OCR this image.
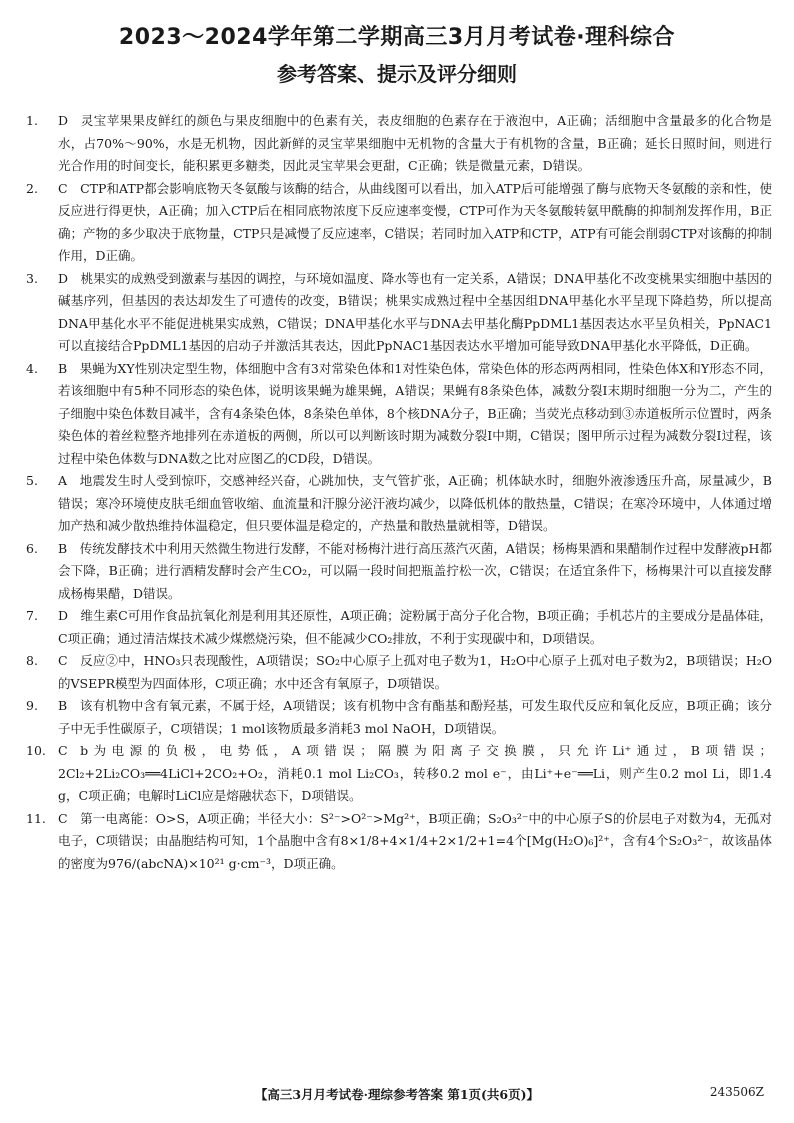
2023～2024学年第二学期高三3月月考试卷·理科综合
参考答案、提示及评分细则
1.	D  灵宝苹果果皮鲜红的颜色与果皮细胞中的色素有关，表皮细胞的色素存在于液泡中，A正确；活细胞中含量最多的化合物是水，占70%～90%，水是无机物，因此新鲜的灵宝苹果细胞中无机物的含量大于有机物的含量，B正确；延长日照时间，则进行光合作用的时间变长，能积累更多糖类，因此灵宝苹果会更甜，C正确；铁是微量元素，D错误。
2.	C  CTP和ATP都会影响底物天冬氨酸与该酶的结合，从曲线图可以看出，加入ATP后可能增强了酶与底物天冬氨酸的亲和性，使反应进行得更快，A正确；加入CTP后在相同底物浓度下反应速率变慢，CTP可作为天冬氨酸转氨甲酰酶的抑制剂发挥作用，B正确；产物的多少取决于底物量，CTP只是减慢了反应速率，C错误；若同时加入ATP和CTP，ATP有可能会削弱CTP对该酶的抑制作用，D正确。
3.	D  桃果实的成熟受到激素与基因的调控，与环境如温度、降水等也有一定关系，A错误；DNA甲基化不改变桃果实细胞中基因的碱基序列，但基因的表达却发生了可遗传的改变，B错误；桃果实成熟过程中全基因组DNA甲基化水平呈现下降趋势，所以提高DNA甲基化水平不能促进桃果实成熟，C错误；DNA甲基化水平与DNA去甲基化酶PpDML1基因表达水平呈负相关，PpNAC1可以直接结合PpDML1基因的启动子并激活其表达，因此PpNAC1基因表达水平增加可能导致DNA甲基化水平降低，D正确。
4.	B  果蝇为XY性别决定型生物，体细胞中含有3对常染色体和1对性染色体，常染色体的形态两两相同，性染色体X和Y形态不同，若该细胞中有5种不同形态的染色体，说明该果蝇为雄果蝇，A错误；果蝇有8条染色体，减数分裂Ⅰ末期时细胞一分为二，产生的子细胞中染色体数目减半，含有4条染色体，8条染色单体，8个核DNA分子，B正确；当荧光点移动到③赤道板所示位置时，两条染色体的着丝粒整齐地排列在赤道板的两侧，所以可以判断该时期为减数分裂Ⅰ中期，C错误；图甲所示过程为减数分裂Ⅰ过程，该过程中染色体数与DNA数之比对应图乙的CD段，D错误。
5.	A  地震发生时人受到惊吓，交感神经兴奋，心跳加快，支气管扩张，A正确；机体缺水时，细胞外液渗透压升高，尿量减少，B错误；寒冷环境使皮肤毛细血管收缩、血流量和汗腺分泌汗液均减少，以降低机体的散热量，C错误；在寒冷环境中，人体通过增加产热和减少散热维持体温稳定，但只要体温是稳定的，产热量和散热量就相等，D错误。
6.	B  传统发酵技术中利用天然微生物进行发酵，不能对杨梅汁进行高压蒸汽灭菌，A错误；杨梅果酒和果醋制作过程中发酵液pH都会下降，B正确；进行酒精发酵时会产生CO₂，可以隔一段时间把瓶盖拧松一次，C错误；在适宜条件下，杨梅果汁可以直接发酵成杨梅果醋，D错误。
7.	D  维生素C可用作食品抗氧化剂是利用其还原性，A项正确；淀粉属于高分子化合物，B项正确；手机芯片的主要成分是晶体硅，C项正确；通过清洁煤技术减少煤燃烧污染，但不能减少CO₂排放，不利于实现碳中和，D项错误。
8.	C  反应②中，HNO₃只表现酸性，A项错误；SO₂中心原子上孤对电子数为1，H₂O中心原子上孤对电子数为2，B项错误；H₂O的VSEPR模型为四面体形，C项正确；水中还含有氧原子，D项错误。
9.	B  该有机物中含有氧元素，不属于烃，A项错误；该有机物中含有酯基和酚羟基，可发生取代反应和氧化反应，B项正确；该分子中无手性碳原子，C项错误；1 mol该物质最多消耗3 mol NaOH，D项错误。
10. C  b为电源的负极，电势低，A项错误；隔膜为阳离子交换膜，只允许Li⁺通过，B项错误；2Cl₂+2Li₂CO₃══4LiCl+2CO₂+O₂，消耗0.1 mol Li₂CO₃，转移0.2 mol e⁻，由Li⁺+e⁻══Li，则产生0.2 mol Li，即1.4 g，C项正确；电解时LiCl应是熔融状态下，D项错误。
11. C  第一电离能：O>S，A项正确；半径大小：S²⁻>O²⁻>Mg²⁺，B项正确；S₂O₃²⁻中的中心原子S的价层电子对数为4，无孤对电子，C项错误；由晶胞结构可知，1个晶胞中含有8×1/8+4×1/4+2×1/2+1=4个[Mg(H₂O)₆]²⁺，含有4个S₂O₃²⁻，故该晶体的密度为976/(abcNA)×10²¹ g·cm⁻³，D项正确。
【高三3月月考试卷·理综参考答案 第1页(共6页)】	243506Z
